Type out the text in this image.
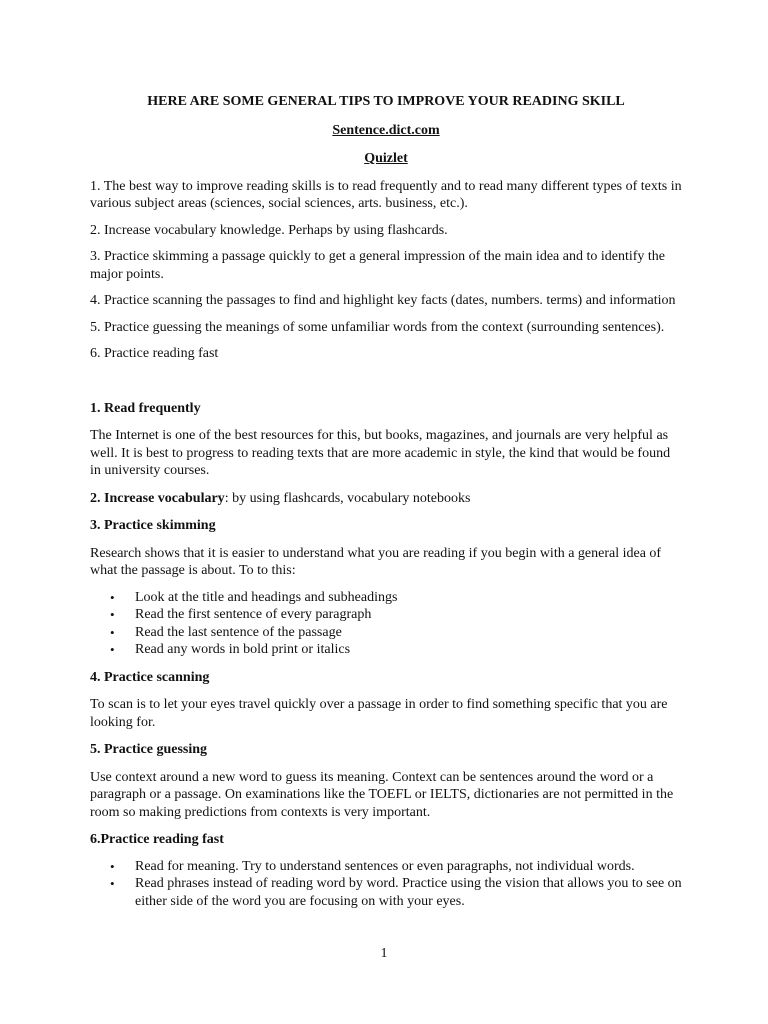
HERE ARE SOME GENERAL TIPS TO IMPROVE YOUR READING SKILL

Sentence.dict.com

Quizlet

1. The best way to improve reading skills is to read frequently and to read many different types of texts in various subject areas (sciences, social sciences, arts. business, etc.).

2. Increase vocabulary knowledge. Perhaps by using flashcards.

3. Practice skimming a passage quickly to get a general impression of the main idea and to identify the major points.

4. Practice scanning the passages to find and highlight key facts (dates, numbers. terms) and information

5. Practice guessing the meanings of some unfamiliar words from the context (surrounding sentences).

6. Practice reading fast

1. Read frequently

The Internet is one of the best resources for this, but books, magazines, and journals are very helpful as well. It is best to progress to reading texts that are more academic in style, the kind that would be found in university courses.

2. Increase vocabulary: by using flashcards, vocabulary notebooks

3. Practice skimming

Research shows that it is easier to understand what you are reading if you begin with a general idea of what the passage is about. To to this:

• Look at the title and headings and subheadings
• Read the first sentence of every paragraph
• Read the last sentence of the passage
• Read any words in bold print or italics

4. Practice scanning

To scan is to let your eyes travel quickly over a passage in order to find something specific that you are looking for.

5. Practice guessing

Use context around a new word to guess its meaning. Context can be sentences around the word or a paragraph or a passage. On examinations like the TOEFL or IELTS, dictionaries are not permitted in the room so making predictions from contexts is very important.

6.Practice reading fast

• Read for meaning. Try to understand sentences or even paragraphs, not individual words.
• Read phrases instead of reading word by word. Practice using the vision that allows you to see on either side of the word you are focusing on with your eyes.
1
